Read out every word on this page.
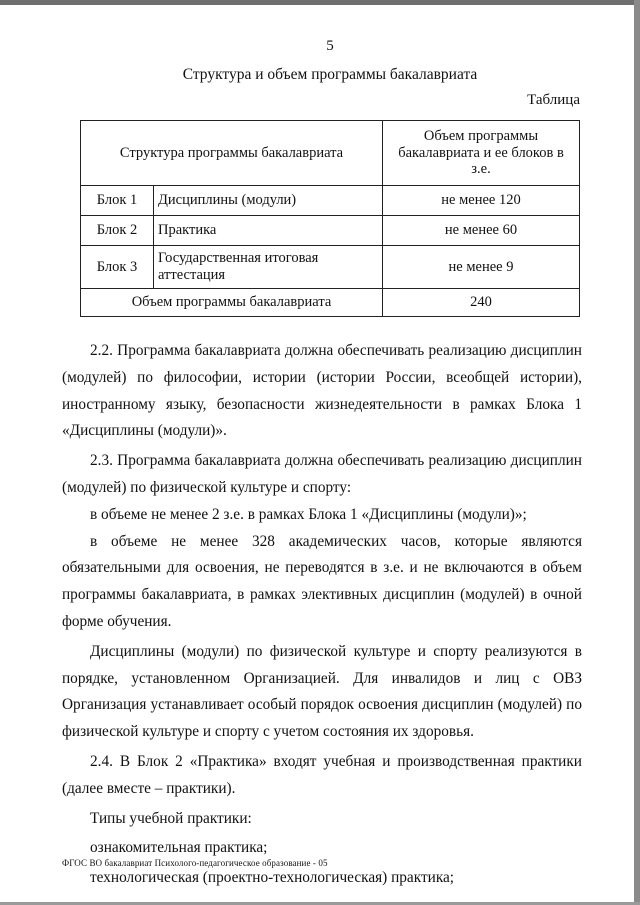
5
Структура и объем программы бакалавриата
Таблица
Структура программы бакалавриата		Объем программы бакалавриата и ее блоков в з.е.
Блок 1	Дисциплины (модули)	не менее 120
Блок 2	Практика	не менее 60
Блок 3	Государственная итоговая аттестация	не менее 9
Объем программы бакалавриата		240

2.2. Программа бакалавриата должна обеспечивать реализацию дисциплин (модулей) по философии, истории (истории России, всеобщей истории), иностранному языку, безопасности жизнедеятельности в рамках Блока 1 «Дисциплины (модули)».

2.3. Программа бакалавриата должна обеспечивать реализацию дисциплин (модулей) по физической культуре и спорту:

в объеме не менее 2 з.е. в рамках Блока 1 «Дисциплины (модули)»;

в объеме не менее 328 академических часов, которые являются обязательными для освоения, не переводятся в з.е. и не включаются в объем программы бакалавриата, в рамках элективных дисциплин (модулей) в очной форме обучения.

Дисциплины (модули) по физической культуре и спорту реализуются в порядке, установленном Организацией. Для инвалидов и лиц с ОВЗ Организация устанавливает особый порядок освоения дисциплин (модулей) по физической культуре и спорту с учетом состояния их здоровья.

2.4. В Блок 2 «Практика» входят учебная и производственная практики (далее вместе – практики).

Типы учебной практики:

ознакомительная практика;

технологическая (проектно-технологическая) практика;

ФГОС ВО бакалавриат Психолого-педагогическое образование - 05
